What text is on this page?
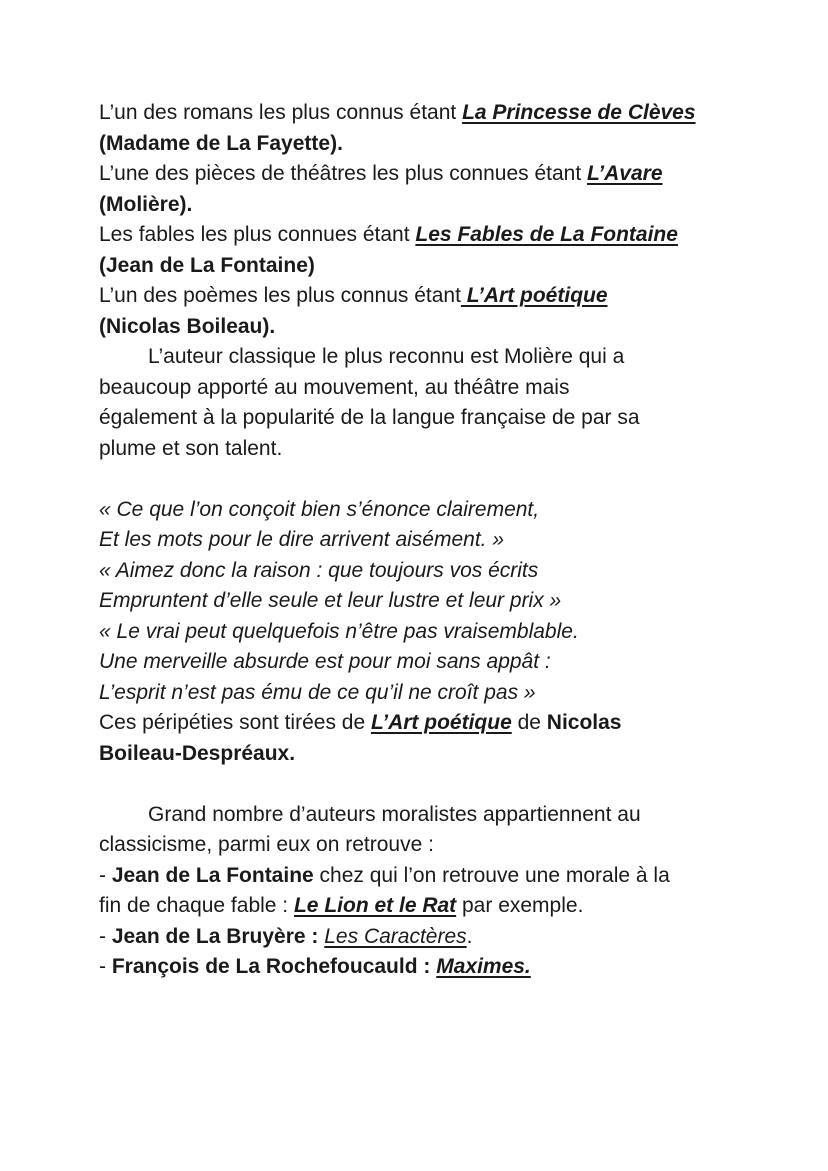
L’un des romans les plus connus étant La Princesse de Clèves
(Madame de La Fayette).
L’une des pièces de théâtres les plus connues étant L’Avare
(Molière).
Les fables les plus connues étant Les Fables de La Fontaine
(Jean de La Fontaine)
L’un des poèmes les plus connus étant L’Art poétique
(Nicolas Boileau).
L’auteur classique le plus reconnu est Molière qui a
beaucoup apporté au mouvement, au théâtre mais
également à la popularité de la langue française de par sa
plume et son talent.
« Ce que l’on conçoit bien s’énonce clairement,
Et les mots pour le dire arrivent aisément. »
« Aimez donc la raison : que toujours vos écrits
Empruntent d’elle seule et leur lustre et leur prix »
« Le vrai peut quelquefois n’être pas vraisemblable.
Une merveille absurde est pour moi sans appât :
L’esprit n’est pas ému de ce qu’il ne croît pas »
Ces péripéties sont tirées de L’Art poétique de Nicolas
Boileau-Despréaux.
Grand nombre d’auteurs moralistes appartiennent au
classicisme, parmi eux on retrouve :
- Jean de La Fontaine chez qui l’on retrouve une morale à la
fin de chaque fable : Le Lion et le Rat par exemple.
- Jean de La Bruyère : Les Caractères.
- François de La Rochefoucauld : Maximes.
